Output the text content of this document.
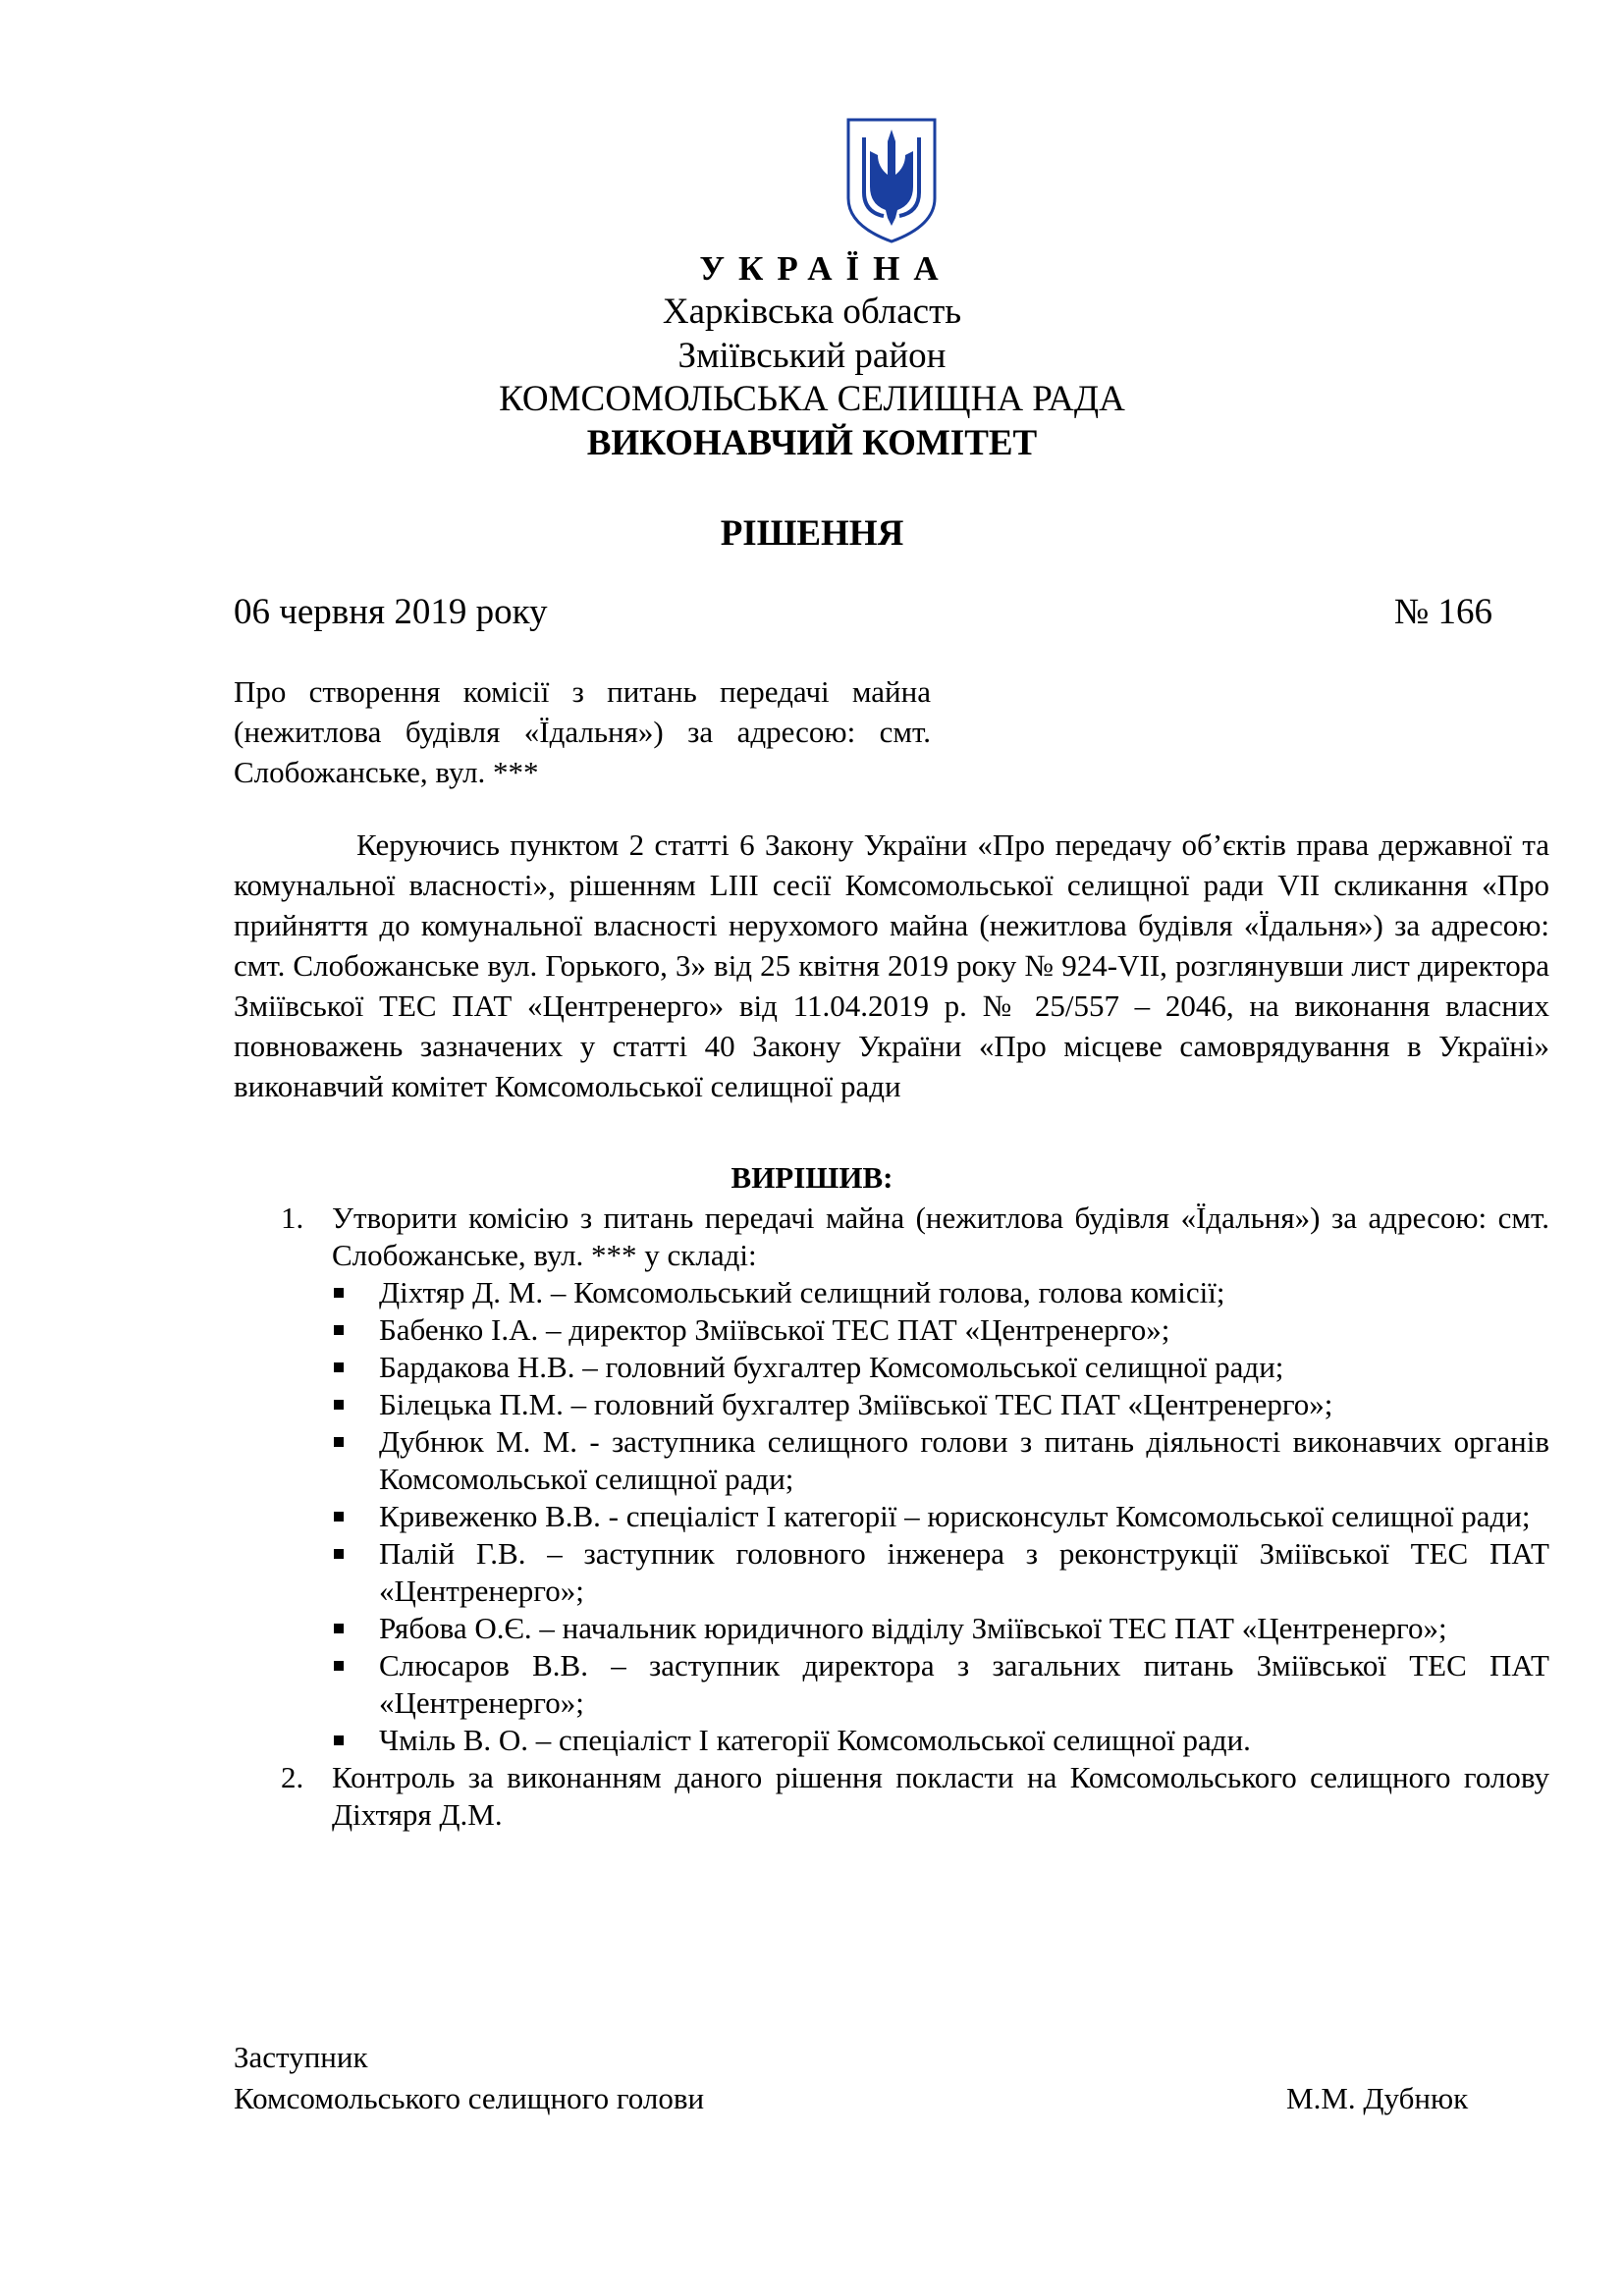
УКРАЇНА
Харківська область
Зміївський район
КОМСОМОЛЬСЬКА СЕЛИЩНА РАДА
ВИКОНАВЧИЙ КОМІТЕТ
РІШЕННЯ
06 червня 2019 року	№ 166
Про створення комісії з питань передачі майна (нежитлова будівля «Їдальня») за адресою: смт. Слобожанське, вул. ***
Керуючись пунктом 2 статті 6 Закону України «Про передачу об’єктів права державної та комунальної власності», рішенням LIII сесії Комсомольської селищної ради VII скликання «Про прийняття до комунальної власності нерухомого майна (нежитлова будівля «Їдальня») за адресою: смт. Слобожанське вул. Горького, 3» від 25 квітня 2019 року № 924-VII, розглянувши лист директора Зміївської ТЕС ПАТ «Центренерго» від 11.04.2019 р. № 25/557 – 2046, на виконання власних повноважень зазначених у статті 40 Закону України «Про місцеве самоврядування в Україні» виконавчий комітет Комсомольської селищної ради
ВИРІШИВ:
1. Утворити комісію з питань передачі майна (нежитлова будівля «Їдальня») за адресою: смт. Слобожанське, вул. *** у складі:
Діхтяр Д. М. – Комсомольський селищний голова, голова комісії;
Бабенко І.А. – директор Зміївської ТЕС ПАТ «Центренерго»;
Бардакова Н.В. – головний бухгалтер Комсомольської селищної ради;
Білецька П.М. – головний бухгалтер Зміївської ТЕС ПАТ «Центренерго»;
Дубнюк М. М. - заступника селищного голови з питань діяльності виконавчих органів Комсомольської селищної ради;
Кривеженко В.В. - спеціаліст І категорії – юрисконсульт Комсомольської селищної ради;
Палій Г.В. – заступник головного інженера з реконструкції Зміївської ТЕС ПАТ «Центренерго»;
Рябова О.Є. – начальник юридичного відділу Зміївської ТЕС ПАТ «Центренерго»;
Слюсаров В.В. – заступник директора з загальних питань Зміївської ТЕС ПАТ «Центренерго»;
Чміль В. О. – спеціаліст І категорії Комсомольської селищної ради.
2. Контроль за виконанням даного рішення покласти на Комсомольського селищного голову Діхтяря Д.М.
Заступник
Комсомольського селищного голови	М.М. Дубнюк
